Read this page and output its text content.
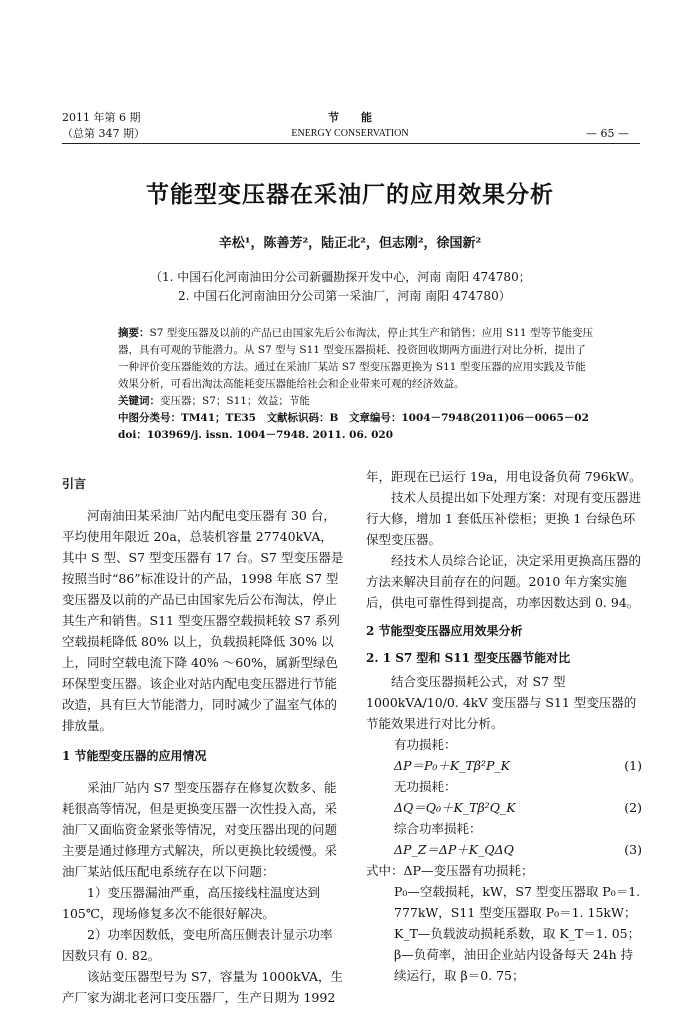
2011 年第 6 期
（总第 347 期）
节　　能
ENERGY CONSERVATION	— 65 —
节能型变压器在采油厂的应用效果分析
辛松¹，陈善芳²，陆正北²，但志刚²，徐国新²
（1. 中国石化河南油田分公司新疆勘探开发中心，河南 南阳 474780；
2. 中国石化河南油田分公司第一采油厂，河南 南阳 474780）
摘要：S7 型变压器及以前的产品已由国家先后公布淘汰，停止其生产和销售；应用 S11 型等节能变压器，具有可观的节能潜力。从 S7 型与 S11 型变压器损耗、投资回收期两方面进行对比分析，提出了一种评价变压器能效的方法。通过在采油厂某站 S7 型变压器更换为 S11 型变压器的应用实践及节能效果分析，可看出淘汰高能耗变压器能给社会和企业带来可观的经济效益。
关键词：变压器；S7；S11；效益；节能
中图分类号：TM41；TE35　文献标识码：B　文章编号：1004－7948(2011)06－0065－02
doi：103969/j. issn. 1004－7948. 2011. 06. 020

引言

河南油田某采油厂站内配电变压器有 30 台，平均使用年限近 20a，总装机容量 27740kVA，其中 S 型、S7 型变压器有 17 台。S7 型变压器是按照当时“86”标准设计的产品，1998 年底 S7 型变压器及以前的产品已由国家先后公布淘汰，停止其生产和销售。S11 型变压器空载损耗较 S7 系列空载损耗降低 80% 以上，负载损耗降低 30% 以上，同时空载电流下降 40% ～60%，属新型绿色环保型变压器。该企业对站内配电变压器进行节能改造，具有巨大节能潜力，同时减少了温室气体的排放量。

1 节能型变压器的应用情况

采油厂站内 S7 型变压器存在修复次数多、能耗很高等情况，但是更换变压器一次性投入高，采油厂又面临资金紧张等情况，对变压器出现的问题主要是通过修理方式解决，所以更换比较缓慢。采油厂某站低压配电系统存在以下问题：

1）变压器漏油严重，高压接线柱温度达到 105℃，现场修复多次不能很好解决。

2）功率因数低，变电所高压侧表计显示功率因数只有 0. 82。

该站变压器型号为 S7，容量为 1000kVA，生产厂家为湖北老河口变压器厂，生产日期为 1992

年，距现在已运行 19a，用电设备负荷 796kW。

技术人员提出如下处理方案：对现有变压器进行大修，增加 1 套低压补偿柜；更换 1 台绿色环保型变压器。

经技术人员综合论证，决定采用更换高压器的方法来解决目前存在的问题。2010 年方案实施后，供电可靠性得到提高，功率因数达到 0. 94。

2 节能型变压器应用效果分析

2. 1 S7 型和 S11 型变压器节能对比

结合变压器损耗公式，对 S7 型 1000kVA/10/0. 4kV 变压器与 S11 型变压器的节能效果进行对比分析。

有功损耗：

ΔP＝P₀＋K_Tβ²P_K	(1)

无功损耗：

ΔQ＝Q₀＋K_Tβ²Q_K	(2)

综合功率损耗：

ΔP_Z＝ΔP＋K_QΔQ	(3)

式中：ΔP—变压器有功损耗；

P₀—空载损耗，kW，S7 型变压器取 P₀＝1. 777kW，S11 型变压器取 P₀＝1. 15kW；

K_T—负载波动损耗系数，取 K_T＝1. 05；

β—负荷率，油田企业站内设备每天 24h 持续运行，取 β＝0. 75；
